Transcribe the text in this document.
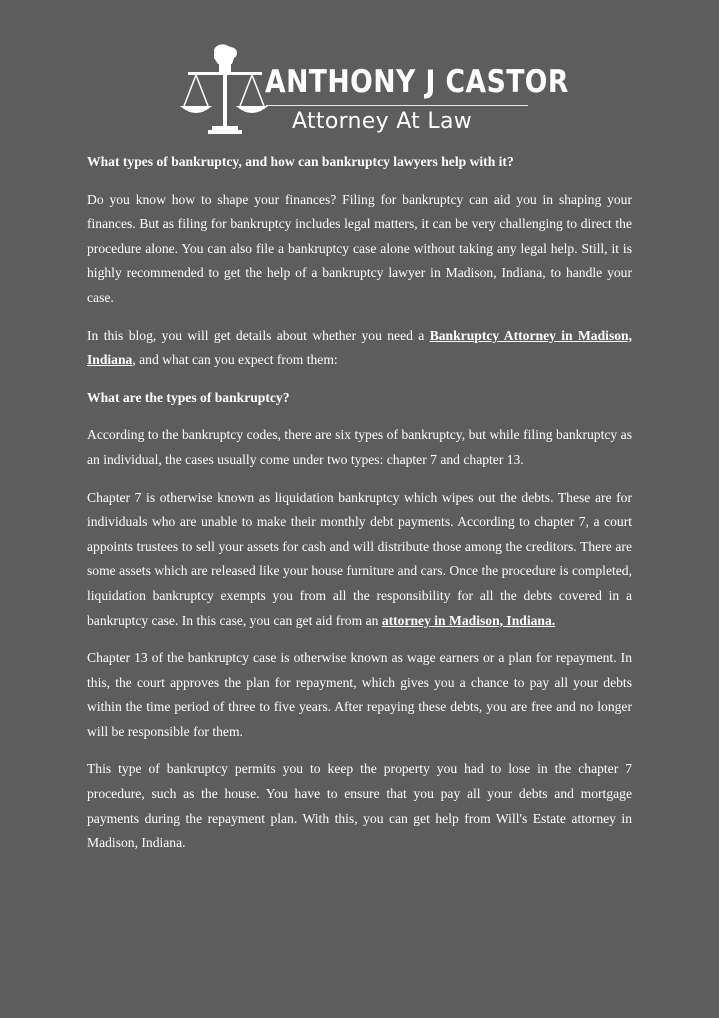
ANTHONY J CASTOR
Attorney At Law
What types of bankruptcy, and how can bankruptcy lawyers help with it?

Do you know how to shape your finances? Filing for bankruptcy can aid you in shaping your finances. But as filing for bankruptcy includes legal matters, it can be very challenging to direct the procedure alone. You can also file a bankruptcy case alone without taking any legal help. Still, it is highly recommended to get the help of a bankruptcy lawyer in Madison, Indiana, to handle your case.

In this blog, you will get details about whether you need a Bankruptcy Attorney in Madison, Indiana, and what can you expect from them:

What are the types of bankruptcy?

According to the bankruptcy codes, there are six types of bankruptcy, but while filing bankruptcy as an individual, the cases usually come under two types: chapter 7 and chapter 13.

Chapter 7 is otherwise known as liquidation bankruptcy which wipes out the debts. These are for individuals who are unable to make their monthly debt payments. According to chapter 7, a court appoints trustees to sell your assets for cash and will distribute those among the creditors. There are some assets which are released like your house furniture and cars. Once the procedure is completed, liquidation bankruptcy exempts you from all the responsibility for all the debts covered in a bankruptcy case. In this case, you can get aid from an attorney in Madison, Indiana.

Chapter 13 of the bankruptcy case is otherwise known as wage earners or a plan for repayment. In this, the court approves the plan for repayment, which gives you a chance to pay all your debts within the time period of three to five years. After repaying these debts, you are free and no longer will be responsible for them.

This type of bankruptcy permits you to keep the property you had to lose in the chapter 7 procedure, such as the house. You have to ensure that you pay all your debts and mortgage payments during the repayment plan. With this, you can get help from Will's Estate attorney in Madison, Indiana.
